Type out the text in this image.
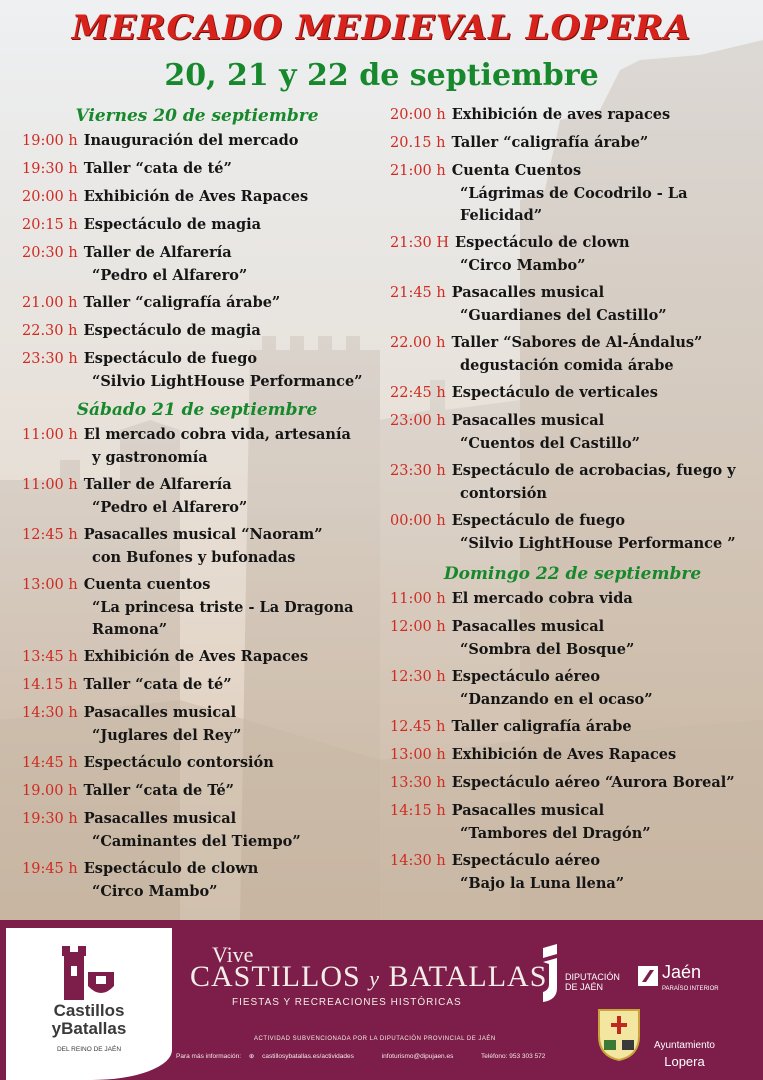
MERCADO MEDIEVAL LOPERA
20, 21 y 22 de septiembre
Viernes 20 de septiembre
19:00 h Inauguración del mercado
19:30 h Taller “cata de té”
20:00 h Exhibición de Aves Rapaces
20:15 h Espectáculo de magia
20:30 h Taller de Alfarería
“Pedro el Alfarero”
21.00 h Taller “caligrafía árabe”
22.30 h Espectáculo de magia
23:30 h Espectáculo de fuego
“Silvio LightHouse Performance”
Sábado 21 de septiembre
11:00 h El mercado cobra vida, artesanía
y gastronomía
11:00 h Taller de Alfarería
“Pedro el Alfarero”
12:45 h Pasacalles musical “Naoram”
con Bufones y bufonadas
13:00 h Cuenta cuentos
“La princesa triste - La Dragona Ramona”
13:45 h Exhibición de Aves Rapaces
14.15 h Taller “cata de té”
14:30 h Pasacalles musical
“Juglares del Rey”
14:45 h Espectáculo contorsión
19.00 h Taller “cata de Té”
19:30 h Pasacalles musical
“Caminantes del Tiempo”
19:45 h Espectáculo de clown
“Circo Mambo”
20:00 h Exhibición de aves rapaces
20.15 h Taller “caligrafía árabe”
21:00 h Cuenta Cuentos
“Lágrimas de Cocodrilo - La Felicidad”
21:30 H Espectáculo de clown
“Circo Mambo”
21:45 h Pasacalles musical
“Guardianes del Castillo”
22.00 h Taller “Sabores de Al-Ándalus”
degustación comida árabe
22:45 h Espectáculo de verticales
23:00 h Pasacalles musical
“Cuentos del Castillo”
23:30 h Espectáculo de acrobacias, fuego y
contorsión
00:00 h Espectáculo de fuego
“Silvio LightHouse Performance ”
Domingo 22 de septiembre
11:00 h El mercado cobra vida
12:00 h Pasacalles musical
“Sombra del Bosque”
12:30 h Espectáculo aéreo
“Danzando en el ocaso”
12.45 h Taller caligrafía árabe
13:00 h Exhibición de Aves Rapaces
13:30 h Espectáculo aéreo “Aurora Boreal”
14:15 h Pasacalles musical
“Tambores del Dragón”
14:30 h Espectáculo aéreo
“Bajo la Luna llena”
Castillos
yBatallas
DEL REINO DE JAÉN
Vive
CASTILLOS y BATALLAS
FIESTAS Y RECREACIONES HISTÓRICAS
DIPUTACIÓN
DE JAÉN
Jaén
PARAÍSO INTERIOR
ACTIVIDAD SUBVENCIONADA POR LA DIPUTACIÓN PROVINCIAL DE JAÉN
Para más información: ⊕ castillosybatallas.es/actividades	infoturismo@dipujaen.es	Teléfono: 953 303 572
Ayuntamiento
Lopera
